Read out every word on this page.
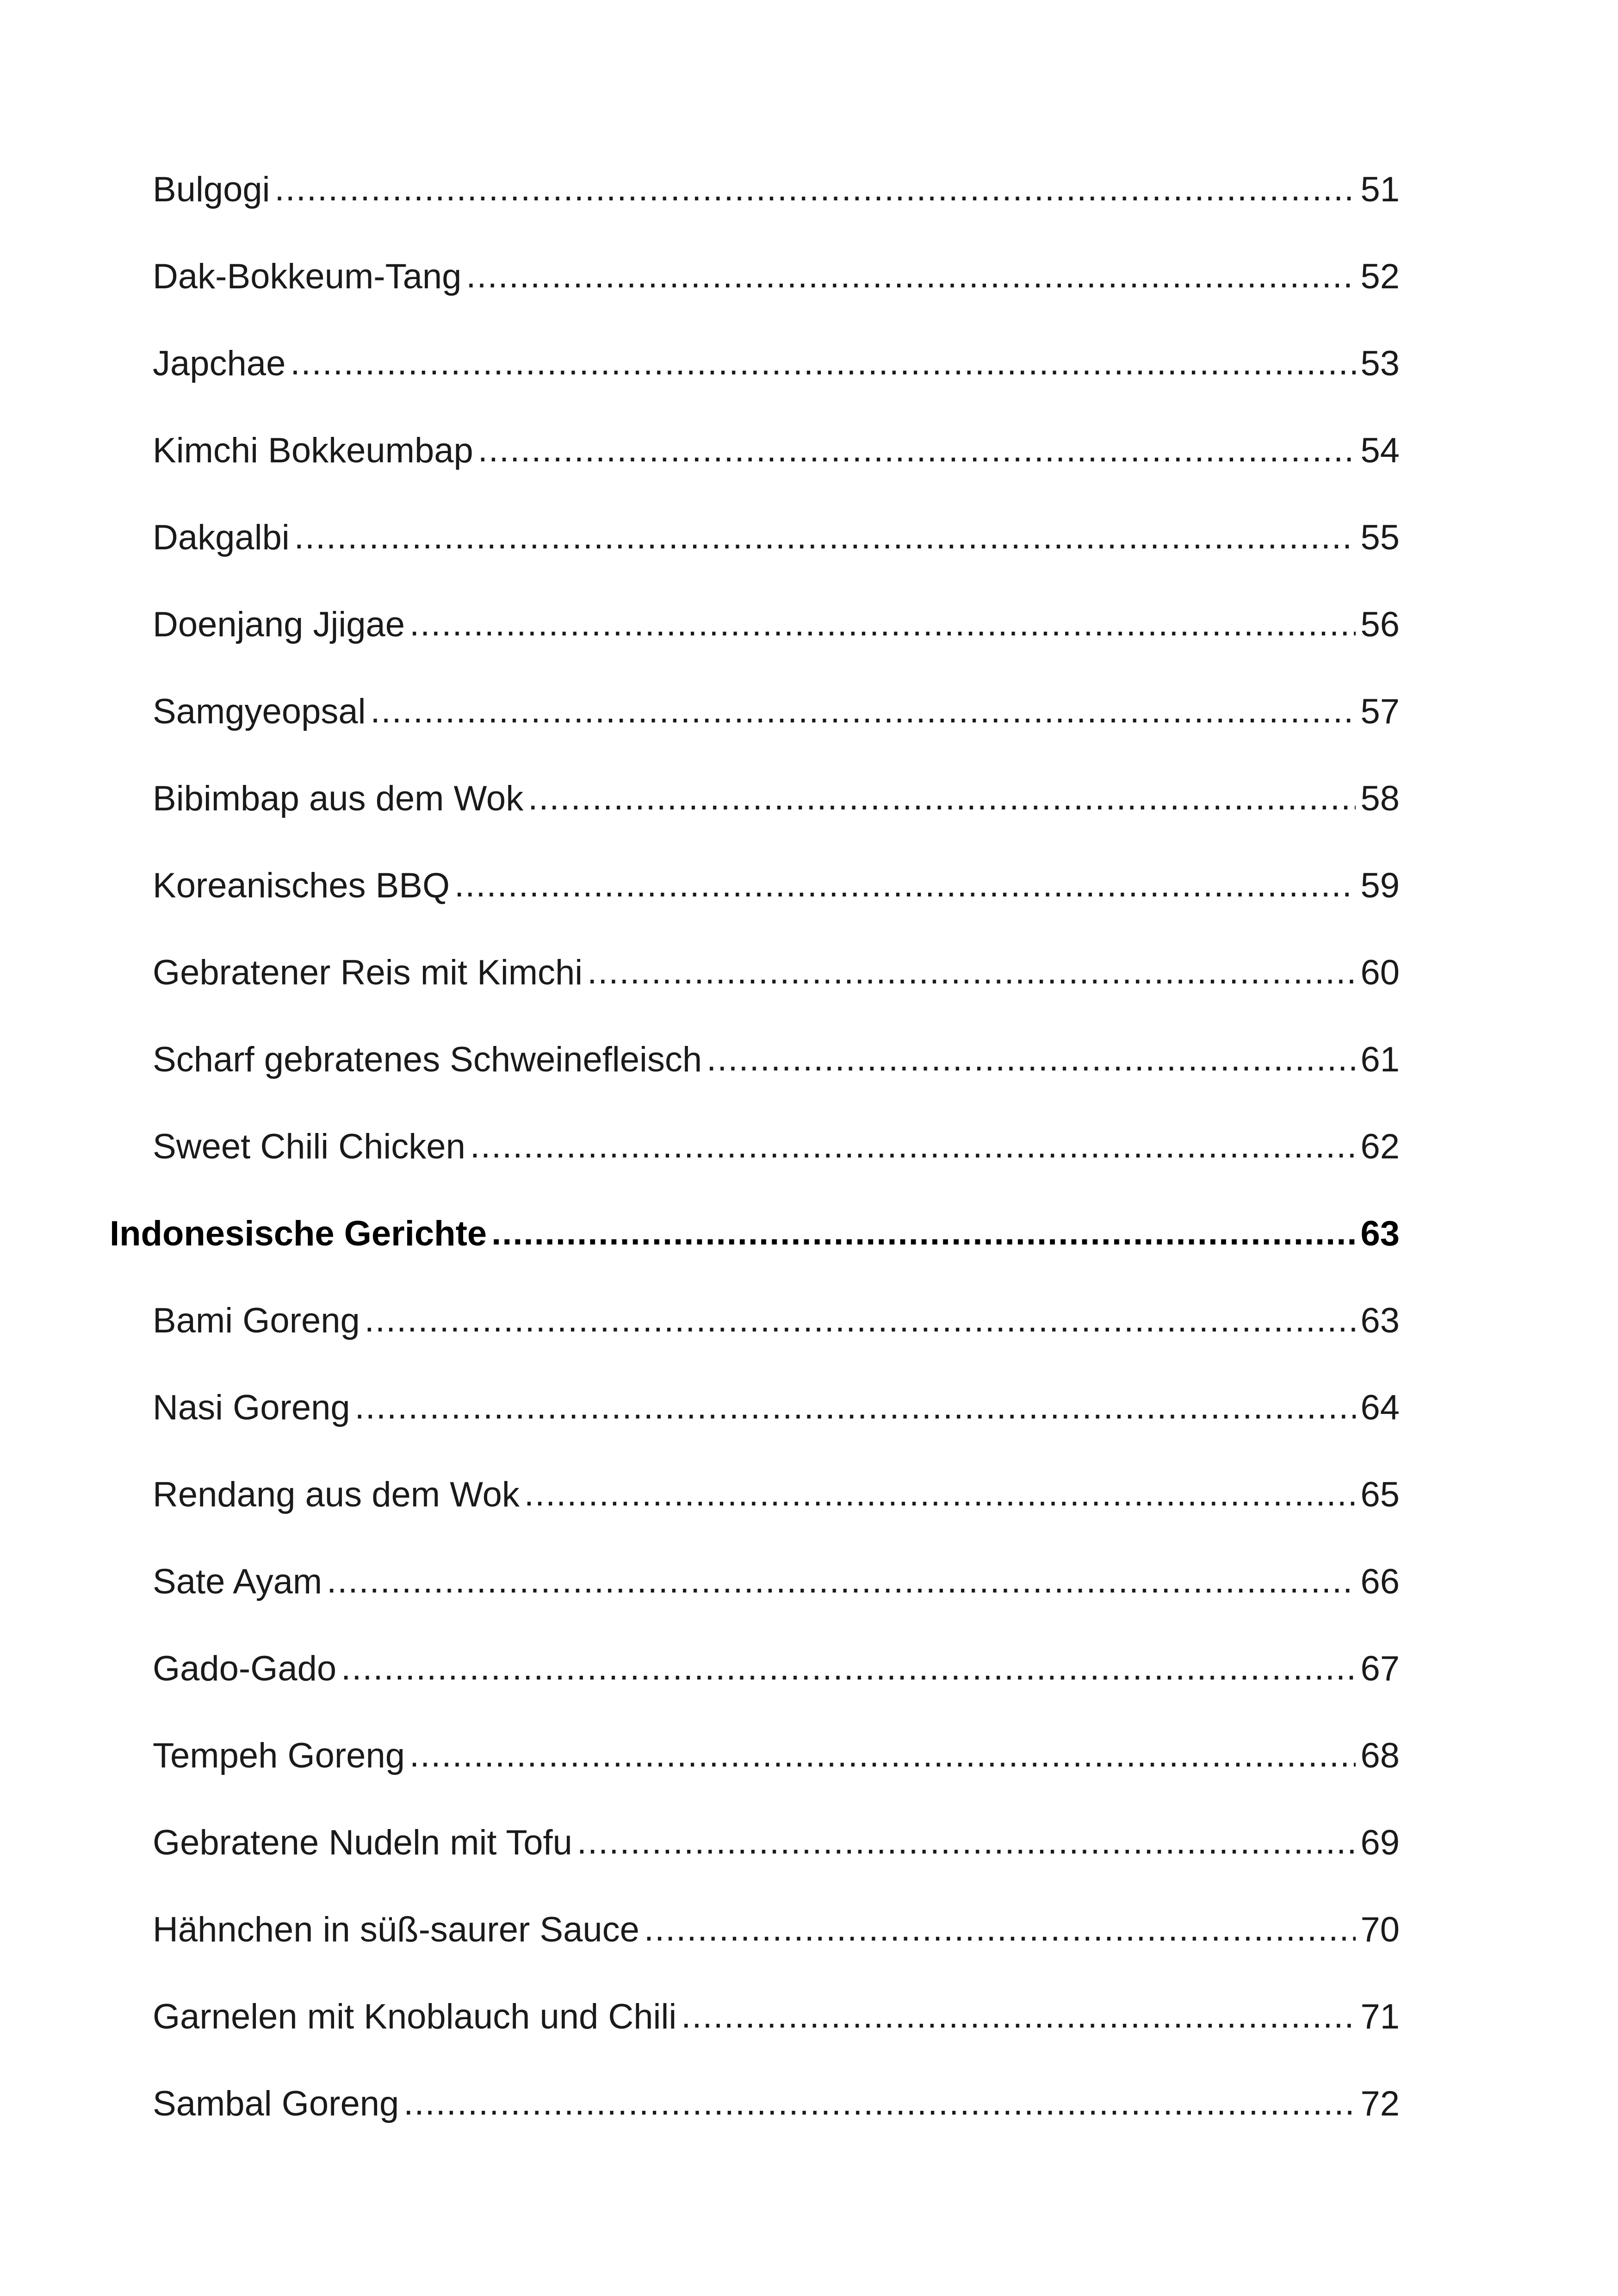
Bulgogi .....	51
Dak-Bokkeum-Tang .....	52
Japchae .....	53
Kimchi Bokkeumbap .....	54
Dakgalbi .....	55
Doenjang Jjigae .....	56
Samgyeopsal .....	57
Bibimbap aus dem Wok .....	58
Koreanisches BBQ .....	59
Gebratener Reis mit Kimchi .....	60
Scharf gebratenes Schweinefleisch .....	61
Sweet Chili Chicken .....	62
Indonesische Gerichte .....	63
Bami Goreng .....	63
Nasi Goreng .....	64
Rendang aus dem Wok .....	65
Sate Ayam .....	66
Gado-Gado .....	67
Tempeh Goreng .....	68
Gebratene Nudeln mit Tofu .....	69
Hähnchen in süß-saurer Sauce .....	70
Garnelen mit Knoblauch und Chili .....	71
Sambal Goreng .....	72
